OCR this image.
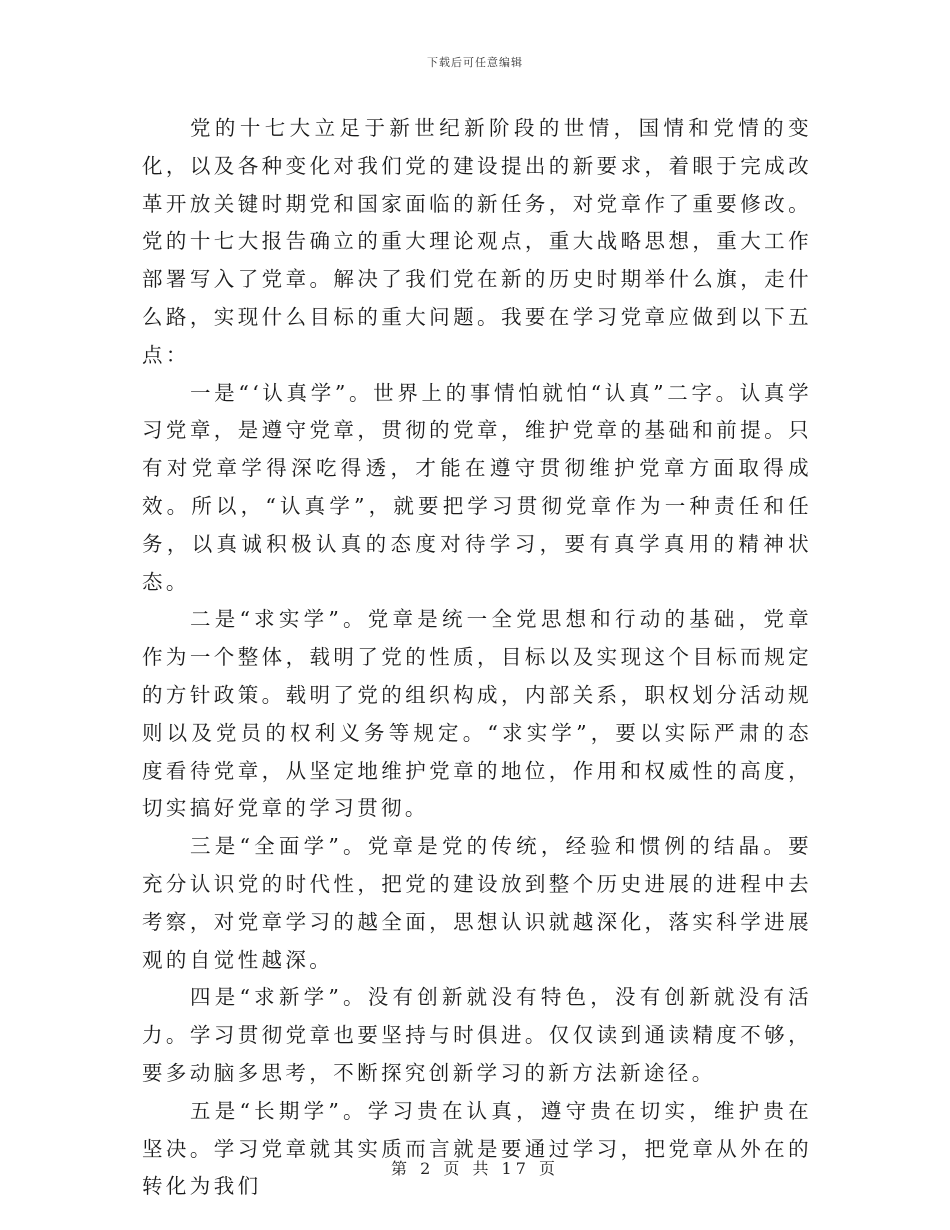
下载后可任意编辑

党的十七大立足于新世纪新阶段的世情，国情和党情的变化，以及各种变化对我们党的建设提出的新要求，着眼于完成改革开放关键时期党和国家面临的新任务，对党章作了重要修改。党的十七大报告确立的重大理论观点，重大战略思想，重大工作部署写入了党章。解决了我们党在新的历史时期举什么旗，走什么路，实现什么目标的重大问题。我要在学习党章应做到以下五点：

一是“‘认真学”。世界上的事情怕就怕“认真”二字。认真学习党章，是遵守党章，贯彻的党章，维护党章的基础和前提。只有对党章学得深吃得透，才能在遵守贯彻维护党章方面取得成效。所以，“认真学”，就要把学习贯彻党章作为一种责任和任务，以真诚积极认真的态度对待学习，要有真学真用的精神状态。

二是“求实学”。党章是统一全党思想和行动的基础，党章作为一个整体，载明了党的性质，目标以及实现这个目标而规定的方针政策。载明了党的组织构成，内部关系，职权划分活动规则以及党员的权利义务等规定。“求实学”，要以实际严肃的态度看待党章，从坚定地维护党章的地位，作用和权威性的高度，切实搞好党章的学习贯彻。

三是“全面学”。党章是党的传统，经验和惯例的结晶。要充分认识党的时代性，把党的建设放到整个历史进展的进程中去考察，对党章学习的越全面，思想认识就越深化，落实科学进展观的自觉性越深。

四是“求新学”。没有创新就没有特色，没有创新就没有活力。学习贯彻党章也要坚持与时俱进。仅仅读到通读精度不够，要多动脑多思考，不断探究创新学习的新方法新途径。

五是“长期学”。学习贵在认真，遵守贵在切实，维护贵在坚决。学习党章就其实质而言就是要通过学习，把党章从外在的转化为我们

第 2 页 共 17 页
